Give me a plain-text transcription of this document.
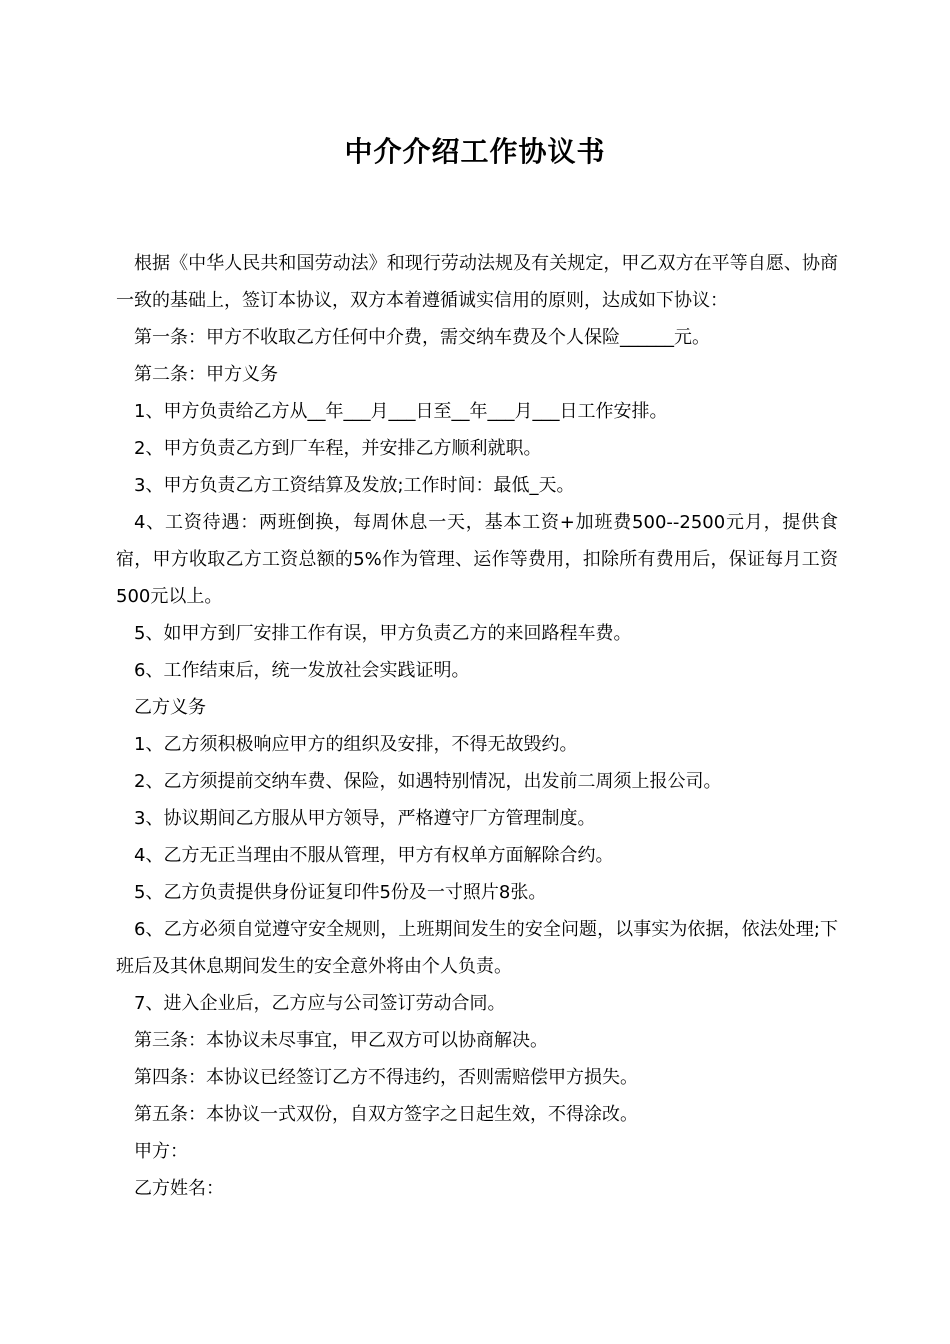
中介介绍工作协议书

根据《中华人民共和国劳动法》和现行劳动法规及有关规定，甲乙双方在平等自愿、协商一致的基础上，签订本协议，双方本着遵循诚实信用的原则，达成如下协议：

第一条：甲方不收取乙方任何中介费，需交纳车费及个人保险______元。

第二条：甲方义务

1、甲方负责给乙方从__年___月___日至__年___月___日工作安排。

2、甲方负责乙方到厂车程，并安排乙方顺利就职。

3、甲方负责乙方工资结算及发放;工作时间：最低_天。

4、工资待遇：两班倒换，每周休息一天，基本工资+加班费500--2500元月，提供食宿，甲方收取乙方工资总额的5%作为管理、运作等费用，扣除所有费用后，保证每月工资500元以上。

5、如甲方到厂安排工作有误，甲方负责乙方的来回路程车费。

6、工作结束后，统一发放社会实践证明。

乙方义务

1、乙方须积极响应甲方的组织及安排，不得无故毁约。

2、乙方须提前交纳车费、保险，如遇特别情况，出发前二周须上报公司。

3、协议期间乙方服从甲方领导，严格遵守厂方管理制度。

4、乙方无正当理由不服从管理，甲方有权单方面解除合约。

5、乙方负责提供身份证复印件5份及一寸照片8张。

6、乙方必须自觉遵守安全规则，上班期间发生的安全问题，以事实为依据，依法处理;下班后及其休息期间发生的安全意外将由个人负责。

7、进入企业后，乙方应与公司签订劳动合同。

第三条：本协议未尽事宜，甲乙双方可以协商解决。

第四条：本协议已经签订乙方不得违约，否则需赔偿甲方损失。

第五条：本协议一式双份，自双方签字之日起生效，不得涂改。

甲方：

乙方姓名：
